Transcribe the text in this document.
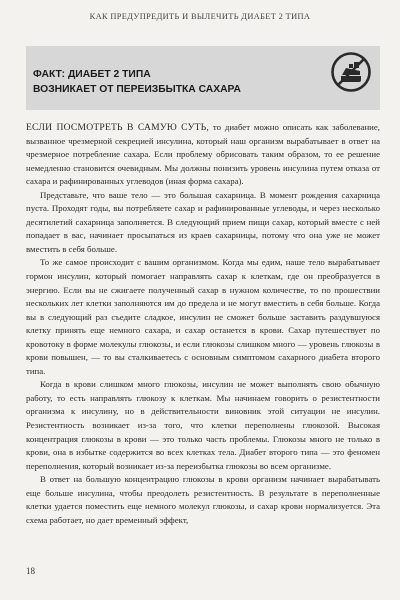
КАК ПРЕДУПРЕДИТЬ И ВЫЛЕЧИТЬ ДИАБЕТ 2 ТИПА
ФАКТ: ДИАБЕТ 2 ТИПА
ВОЗНИКАЕТ ОТ ПЕРЕИЗБЫТКА САХАРА

ЕСЛИ ПОСМОТРЕТЬ В САМУЮ СУТЬ, то диабет можно описать как заболевание, вызванное чрезмерной секрецией инсулина, который наш организм вырабатывает в ответ на чрезмерное потребление сахара. Если проблему обрисовать таким образом, то ее решение немедленно становится очевидным. Мы должны понизить уровень инсулина путем отказа от сахара и рафинированных углеводов (иная форма сахара).

Представьте, что ваше тело — это большая сахарница. В момент рождения сахарница пуста. Проходят годы, вы потребляете сахар и рафинированные углеводы, и через несколько десятилетий сахарница заполняется. В следующий прием пищи сахар, который вместе с ней попадает в вас, начинает просыпаться из краев сахарницы, потому что она уже не может вместить в себя больше.

То же самое происходит с вашим организмом. Когда мы едим, наше тело вырабатывает гормон инсулин, который помогает направлять сахар к клеткам, где он преобразуется в энергию. Если вы не сжигаете полученный сахар в нужном количестве, то по прошествии нескольких лет клетки заполняются им до предела и не могут вместить в себя больше. Когда вы в следующий раз съедите сладкое, инсулин не сможет больше заставить раздувшуюся клетку принять еще немного сахара, и сахар останется в крови. Сахар путешествует по кровотоку в форме молекулы глюкозы, и если глюкозы слишком много — уровень глюкозы в крови повышен, — то вы сталкиваетесь с основным симптомом сахарного диабета второго типа.

Когда в крови слишком много глюкозы, инсулин не может выполнять свою обычную работу, то есть направлять глюкозу к клеткам. Мы начинаем говорить о резистентности организма к инсулину, но в действительности виновник этой ситуации не инсулин. Резистентность возникает из-за того, что клетки переполнены глюкозой. Высокая концентрация глюкозы в крови — это только часть проблемы. Глюкозы много не только в крови, она в избытке содержится во всех клетках тела. Диабет второго типа — это феномен переполнения, который возникает из-за переизбытка глюкозы во всем организме.

В ответ на большую концентрацию глюкозы в крови организм начинает вырабатывать еще больше инсулина, чтобы преодолеть резистентность. В результате в переполненные клетки удается поместить еще немного молекул глюкозы, и сахар крови нормализуется. Эта схема работает, но дает временный эффект,

18
